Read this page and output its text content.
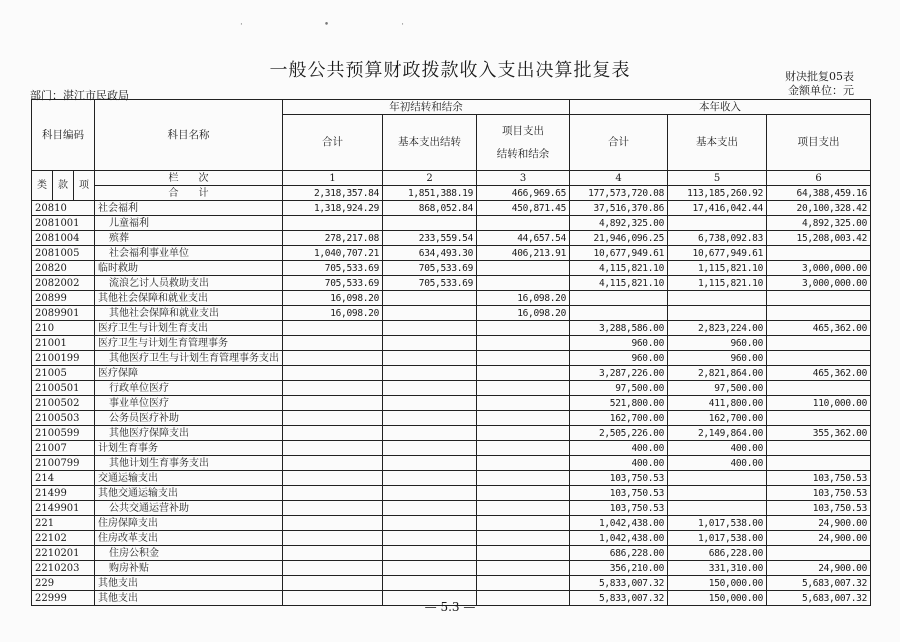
·　　　　　　　　　•　　　　　　　　·
一般公共预算财政拨款收入支出决算批复表	财决批复05表
金额单位：元
部门：湛江市民政局
科目编码			科目名称	年初结转和结余			本年收入		
				合计	基本支出结转	项目支出
结转和结余	合计	基本支出	项目支出
类	款	项	栏　　次	1	2	3	4	5	6
			合　　计	2,318,357.84	1,851,388.19	466,969.65	177,573,720.08	113,185,260.92	64,388,459.16
20810			社会福利	1,318,924.29	868,052.84	450,871.45	37,516,370.86	17,416,042.44	20,100,328.42
2081001			儿童福利				4,892,325.00		4,892,325.00
2081004			殡葬	278,217.08	233,559.54	44,657.54	21,946,096.25	6,738,092.83	15,208,003.42
2081005			社会福利事业单位	1,040,707.21	634,493.30	406,213.91	10,677,949.61	10,677,949.61	
20820			临时救助	705,533.69	705,533.69		4,115,821.10	1,115,821.10	3,000,000.00
2082002			流浪乞讨人员救助支出	705,533.69	705,533.69		4,115,821.10	1,115,821.10	3,000,000.00
20899			其他社会保障和就业支出	16,098.20		16,098.20			
2089901			其他社会保障和就业支出	16,098.20		16,098.20			
210			医疗卫生与计划生育支出				3,288,586.00	2,823,224.00	465,362.00
21001			医疗卫生与计划生育管理事务				960.00	960.00	
2100199			其他医疗卫生与计划生育管理事务支出				960.00	960.00	
21005			医疗保障				3,287,226.00	2,821,864.00	465,362.00
2100501			行政单位医疗				97,500.00	97,500.00	
2100502			事业单位医疗				521,800.00	411,800.00	110,000.00
2100503			公务员医疗补助				162,700.00	162,700.00	
2100599			其他医疗保障支出				2,505,226.00	2,149,864.00	355,362.00
21007			计划生育事务				400.00	400.00	
2100799			其他计划生育事务支出				400.00	400.00	
214			交通运输支出				103,750.53		103,750.53
21499			其他交通运输支出				103,750.53		103,750.53
2149901			公共交通运营补助				103,750.53		103,750.53
221			住房保障支出				1,042,438.00	1,017,538.00	24,900.00
22102			住房改革支出				1,042,438.00	1,017,538.00	24,900.00
2210201			住房公积金				686,228.00	686,228.00	
2210203			购房补贴				356,210.00	331,310.00	24,900.00
229			其他支出				5,833,007.32	150,000.00	5,683,007.32
22999			其他支出				5,833,007.32	150,000.00	5,683,007.32
— 5.3 —
